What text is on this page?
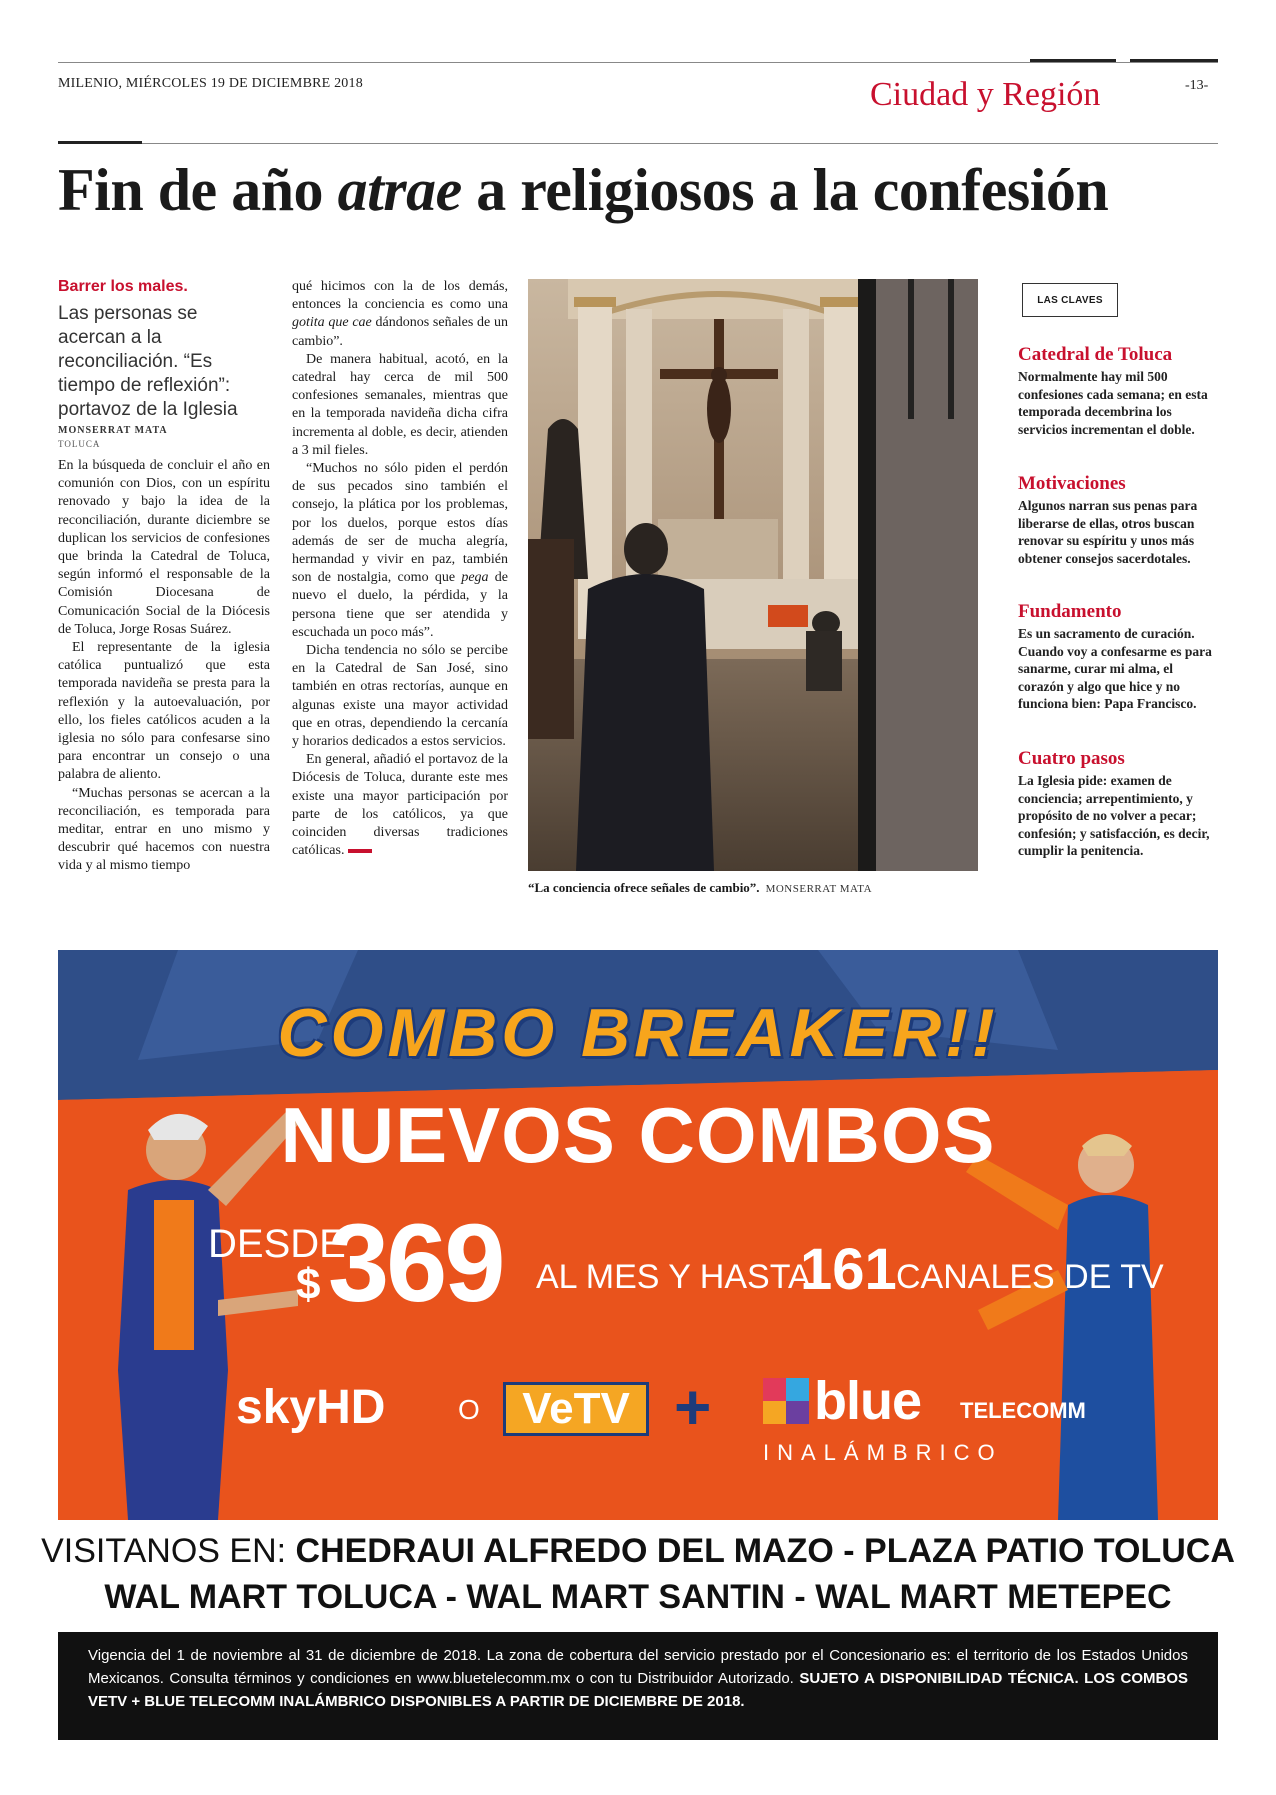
MILENIO, MIÉRCOLES 19 DE DICIEMBRE 2018	Ciudad y Región	-13-
Fin de año atrae a religiosos a la confesión
Barrer los males.
Las personas se acercan a la reconciliación. “Es tiempo de reflexión”: portavoz de la Iglesia
MONSERRAT MATA
TOLUCA

En la búsqueda de concluir el año en comunión con Dios, con un espíritu renovado y bajo la idea de la reconciliación, durante diciembre se duplican los servicios de confesiones que brinda la Catedral de Toluca, según informó el responsable de la Comisión Diocesana de Comunicación Social de la Diócesis de Toluca, Jorge Rosas Suárez.

El representante de la iglesia católica puntualizó que esta temporada navideña se presta para la reflexión y la autoevaluación, por ello, los fieles católicos acuden a la iglesia no sólo para confesarse sino para encontrar un consejo o una palabra de aliento.

“Muchas personas se acercan a la reconciliación, es temporada para meditar, entrar en uno mismo y descubrir qué hacemos con nuestra vida y al mismo tiempo

qué hicimos con la de los demás, entonces la conciencia es como una gotita que cae dándonos señales de un cambio”.

De manera habitual, acotó, en la catedral hay cerca de mil 500 confesiones semanales, mientras que en la temporada navideña dicha cifra incrementa al doble, es decir, atienden a 3 mil fieles.

“Muchos no sólo piden el perdón de sus pecados sino también el consejo, la plática por los problemas, por los duelos, porque estos días además de ser de mucha alegría, hermandad y vivir en paz, también son de nostalgia, como que pega de nuevo el duelo, la pérdida, y la persona tiene que ser atendida y escuchada un poco más”.

Dicha tendencia no sólo se percibe en la Catedral de San José, sino también en otras rectorías, aunque en algunas existe una mayor actividad que en otras, dependiendo la cercanía y horarios dedicados a estos servicios.

En general, añadió el portavoz de la Diócesis de Toluca, durante este mes existe una mayor participación por parte de los católicos, ya que coinciden diversas tradiciones católicas.

“La conciencia ofrece señales de cambio”. MONSERRAT MATA
LAS CLAVES

Catedral de Toluca

Normalmente hay mil 500 confesiones cada semana; en esta temporada decembrina los servicios incrementan el doble.

Motivaciones

Algunos narran sus penas para liberarse de ellas, otros buscan renovar su espíritu y unos más obtener consejos sacerdotales.

Fundamento

Es un sacramento de curación. Cuando voy a confesarme es para sanarme, curar mi alma, el corazón y algo que hice y no funciona bien: Papa Francisco.

Cuatro pasos

La Iglesia pide: examen de conciencia; arrepentimiento, y propósito de no volver a pecar; confesión; y satisfacción, es decir, cumplir la penitencia.

COMBO BREAKER!!
NUEVOS COMBOS
DESDE
$ 369 AL MES Y HASTA
161 CANALES DE TV
skyHD	O VeTV + blue TELECOMM
INALÁMBRICO
VISITANOS EN: CHEDRAUI ALFREDO DEL MAZO - PLAZA PATIO TOLUCA
WAL MART TOLUCA - WAL MART SANTIN - WAL MART METEPEC
Vigencia del 1 de noviembre al 31 de diciembre de 2018. La zona de cobertura del servicio prestado por el Concesionario es: el territorio de los Estados Unidos Mexicanos. Consulta términos y condiciones en www.bluetelecomm.mx o con tu Distribuidor Autorizado. SUJETO A DISPONIBILIDAD TÉCNICA. LOS COMBOS VETV + BLUE TELECOMM INALÁMBRICO DISPONIBLES A PARTIR DE DICIEMBRE DE 2018.
